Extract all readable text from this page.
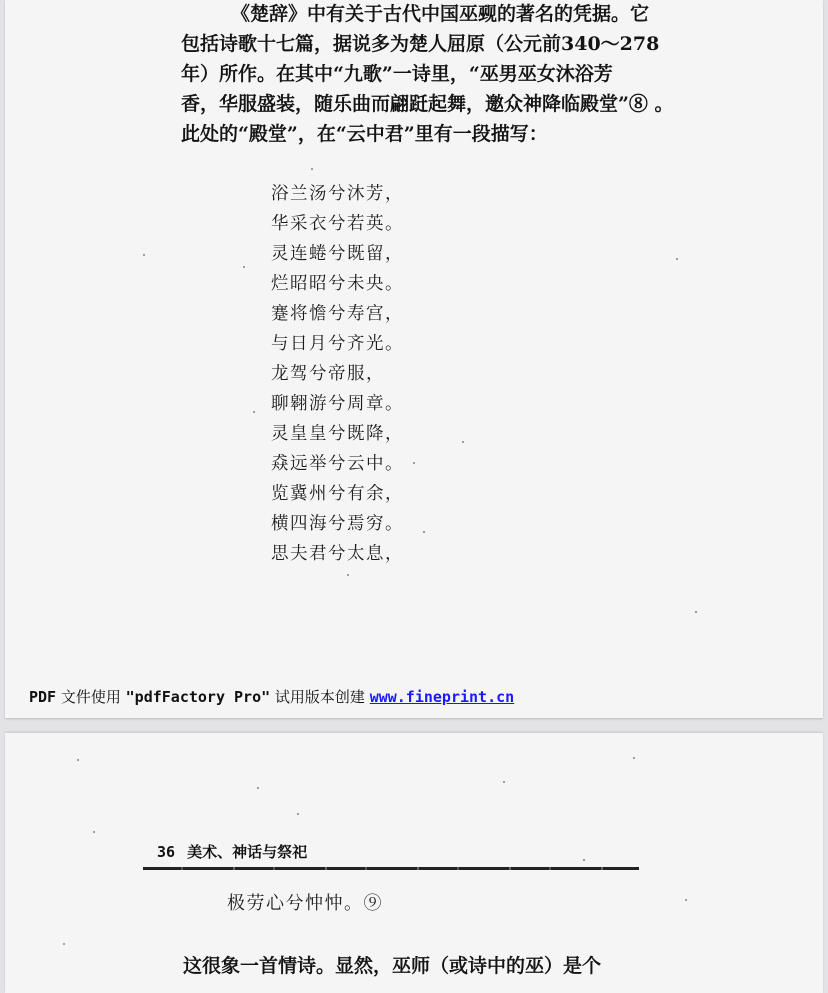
《楚辞》中有关于古代中国巫觋的著名的凭据。它
包括诗歌十七篇，据说多为楚人屈原（公元前340～278
年）所作。在其中“九歌”一诗里，“巫男巫女沐浴芳
香，华服盛装，随乐曲而翩跹起舞，邀众神降临殿堂”⑧ 。
此处的“殿堂”，在“云中君”里有一段描写：
浴兰汤兮沐芳，
华采衣兮若英。
灵连蜷兮既留，
烂昭昭兮未央。
蹇将憺兮寿宫，
与日月兮齐光。
龙驾兮帝服，
聊翱游兮周章。
灵皇皇兮既降，
猋远举兮云中。
览冀州兮有余，
横四海兮焉穷。
思夫君兮太息，
PDF 文件使用 "pdfFactory Pro" 试用版本创建 www.fineprint.cn
36 美术、神话与祭祀
极劳心兮忡忡。⑨
这很象一首情诗。显然，巫师（或诗中的巫）是个
